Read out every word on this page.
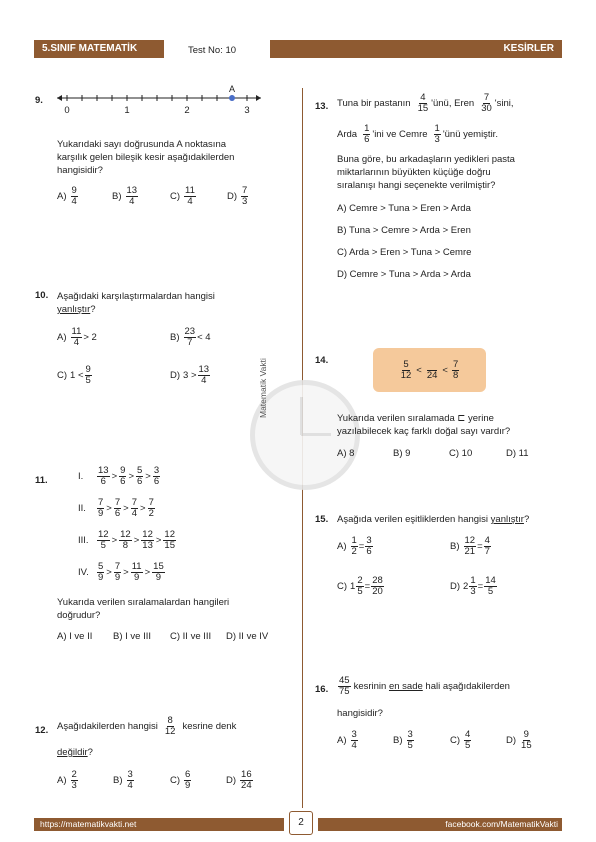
5.SINIF MATEMATİK	Test No: 10	KESİRLER
Matematik Vakti
9.
0	1	2	3
A
Yukarıdaki sayı doğrusunda A noktasına
karşılık gelen bileşik kesir aşağıdakilerden
hangisidir?
$A) \frac{9}{4}$	$B) \frac{13}{4}$	$C) \frac{11}{4}$	$D) \frac{7}{3}$
10. Aşağıdaki karşılaştırmalardan hangisi
yanlıştır?
$A) \frac{11}{4} > 2$	$B) \frac{23}{7} < 4$
C) $1 < \frac{9}{5}$	D) $3 > \frac{13}{4}$
11.	I.	$\frac{13}{6} > \frac{9}{6} > \frac{5}{6} > \frac{3}{6}$
II.	$\frac{7}{9} > \frac{7}{6} > \frac{7}{4} > \frac{7}{2}$
III. $\frac{12}{5} > \frac{12}{8} > \frac{12}{13} > \frac{12}{15}$
IV. $\frac{5}{9} > \frac{7}{9} > \frac{11}{9} > \frac{15}{9}$
Yukarıda verilen sıralamalardan hangileri
doğrudur?
A) I ve II B) I ve III C) II ve III D) II ve IV
12. Aşağıdakilerden hangisi $\frac{8}{12}$ kesrine denk
değildir?
$A) \frac{2}{3}$	$B) \frac{3}{4}$	$C) \frac{6}{9}$	$D) \frac{16}{24}$
13. Tuna bir pastanın $\frac{4}{15}$ 'ünü, Eren $\frac{7}{30}$ 'sini,
Arda $\frac{1}{6}$ 'ini ve Cemre $\frac{1}{3}$ 'ünü yemiştir.
Buna göre, bu arkadaşların yedikleri pasta
miktarlarının büyükten küçüğe doğru
sıralanışı hangi seçenekte verilmiştir?
A) Cemre > Tuna > Eren > Arda
B) Tuna > Cemre > Arda > Eren
C) Arda > Eren > Tuna > Cemre
D) Cemre > Tuna > Arda > Arda
14.	$\frac{5}{12} < 24 < \frac{7}{8}$
Yukarıda verilen sıralamada ⊏ yerine
yazılabilecek kaç farklı doğal sayı vardır?
A) 8	B) 9	C) 10	D) 11
15. Aşağıda verilen eşitliklerden hangisi yanlıştır?
$A) \frac{1}{2} = \frac{3}{6}$	$B) \frac{12}{21} = \frac{4}{7}$
C) $1 \frac{2}{5} = \frac{28}{20}$	D) $2 \frac{1}{3} = \frac{14}{5}$
16. $\frac{45}{75}$ kesrinin
en sade
hali aşağıdakilerden
hangisidir?
$A) \frac{3}{4}$	$B) \frac{3}{5}$	$C) \frac{4}{5}$	$D) \frac{9}{15}$
https://matematikvakti.net	facebook.com/MatematikVakti
2
